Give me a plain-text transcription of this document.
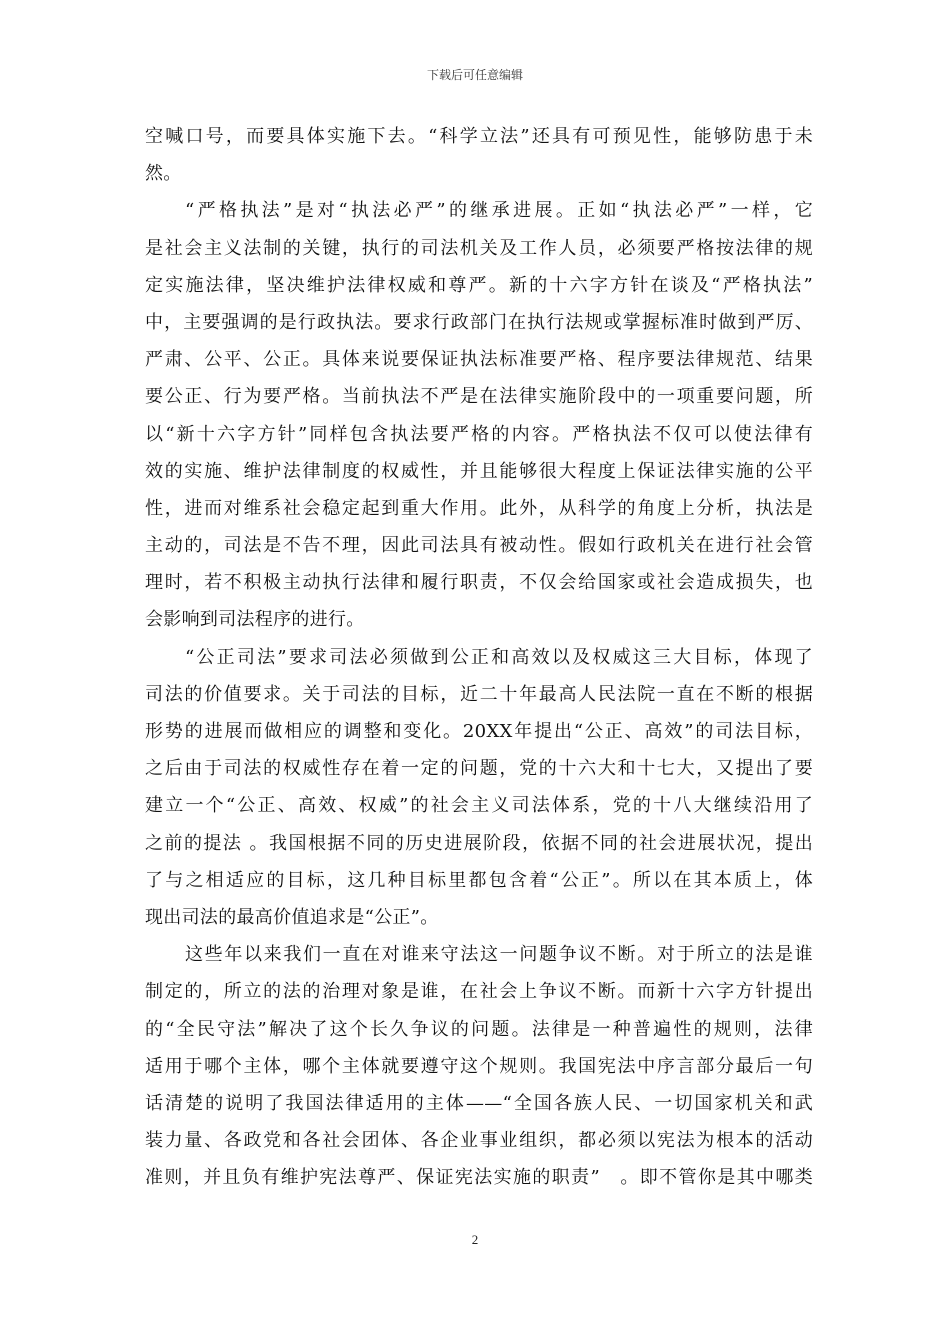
下载后可任意编辑
空喊口号，而要具体实施下去。“科学立法”还具有可预见性，能够防患于未
然。
“严格执法”是对“执法必严”的继承进展。正如“执法必严”一样，它
是社会主义法制的关键，执行的司法机关及工作人员，必须要严格按法律的规
定实施法律，坚决维护法律权威和尊严。新的十六字方针在谈及“严格执法”
中，主要强调的是行政执法。要求行政部门在执行法规或掌握标准时做到严厉、
严肃、公平、公正。具体来说要保证执法标准要严格、程序要法律规范、结果
要公正、行为要严格。当前执法不严是在法律实施阶段中的一项重要问题，所
以“新十六字方针”同样包含执法要严格的内容。严格执法不仅可以使法律有
效的实施、维护法律制度的权威性，并且能够很大程度上保证法律实施的公平
性，进而对维系社会稳定起到重大作用。此外，从科学的角度上分析，执法是
主动的，司法是不告不理，因此司法具有被动性。假如行政机关在进行社会管
理时，若不积极主动执行法律和履行职责，不仅会给国家或社会造成损失，也
会影响到司法程序的进行。
“公正司法”要求司法必须做到公正和高效以及权威这三大目标，体现了
司法的价值要求。关于司法的目标，近二十年最高人民法院一直在不断的根据
形势的进展而做相应的调整和变化。20XX年提出“公正、高效”的司法目标，
之后由于司法的权威性存在着一定的问题，党的十六大和十七大，又提出了要
建立一个“公正、高效、权威”的社会主义司法体系，党的十八大继续沿用了
之前的提法 。我国根据不同的历史进展阶段，依据不同的社会进展状况，提出
了与之相适应的目标，这几种目标里都包含着“公正”。所以在其本质上，体
现出司法的最高价值追求是“公正”。
这些年以来我们一直在对谁来守法这一问题争议不断。对于所立的法是谁
制定的，所立的法的治理对象是谁，在社会上争议不断。而新十六字方针提出
的“全民守法”解决了这个长久争议的问题。法律是一种普遍性的规则，法律
适用于哪个主体，哪个主体就要遵守这个规则。我国宪法中序言部分最后一句
话清楚的说明了我国法律适用的主体——“全国各族人民、一切国家机关和武
装力量、各政党和各社会团体、各企业事业组织，都必须以宪法为根本的活动
准则，并且负有维护宪法尊严、保证宪法实施的职责”　。即不管你是其中哪类
2
